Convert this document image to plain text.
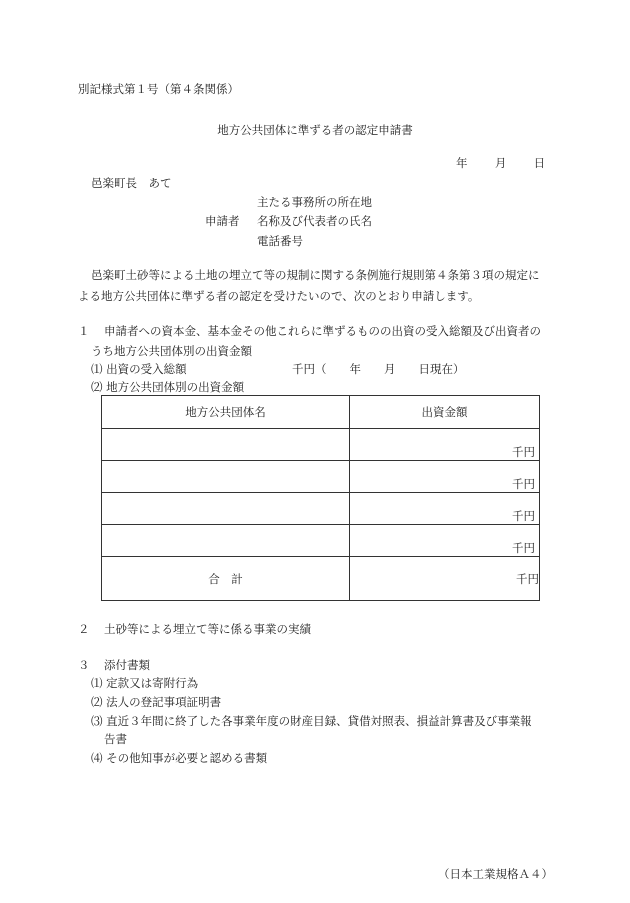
別記様式第１号（第４条関係）
地方公共団体に準ずる者の認定申請書
年 月 日
邑楽町長　あて
主たる事務所の所在地
申請者 名称及び代表者の氏名
電話番号
邑楽町土砂等による土地の埋立て等の規制に関する条例施行規則第４条第３項の規定に
よる地方公共団体に準ずる者の認定を受けたいので、次のとおり申請します。
１ 申請者への資本金、基本金その他これらに準ずるものの出資の受入総額及び出資者の
うち地方公共団体別の出資金額
⑴ 出資の受入総額	千円（　　年　　月　　日現在）
⑵ 地方公共団体別の出資金額
地方公共団体名	出資金額

	千円

	千円

	千円

	千円

合　計	千円
２ 土砂等による埋立て等に係る事業の実績
３ 添付書類
⑴ 定款又は寄附行為
⑵ 法人の登記事項証明書
⑶ 直近３年間に終了した各事業年度の財産目録、貸借対照表、損益計算書及び事業報
告書
⑷ その他知事が必要と認める書類
（日本工業規格Ａ４）
